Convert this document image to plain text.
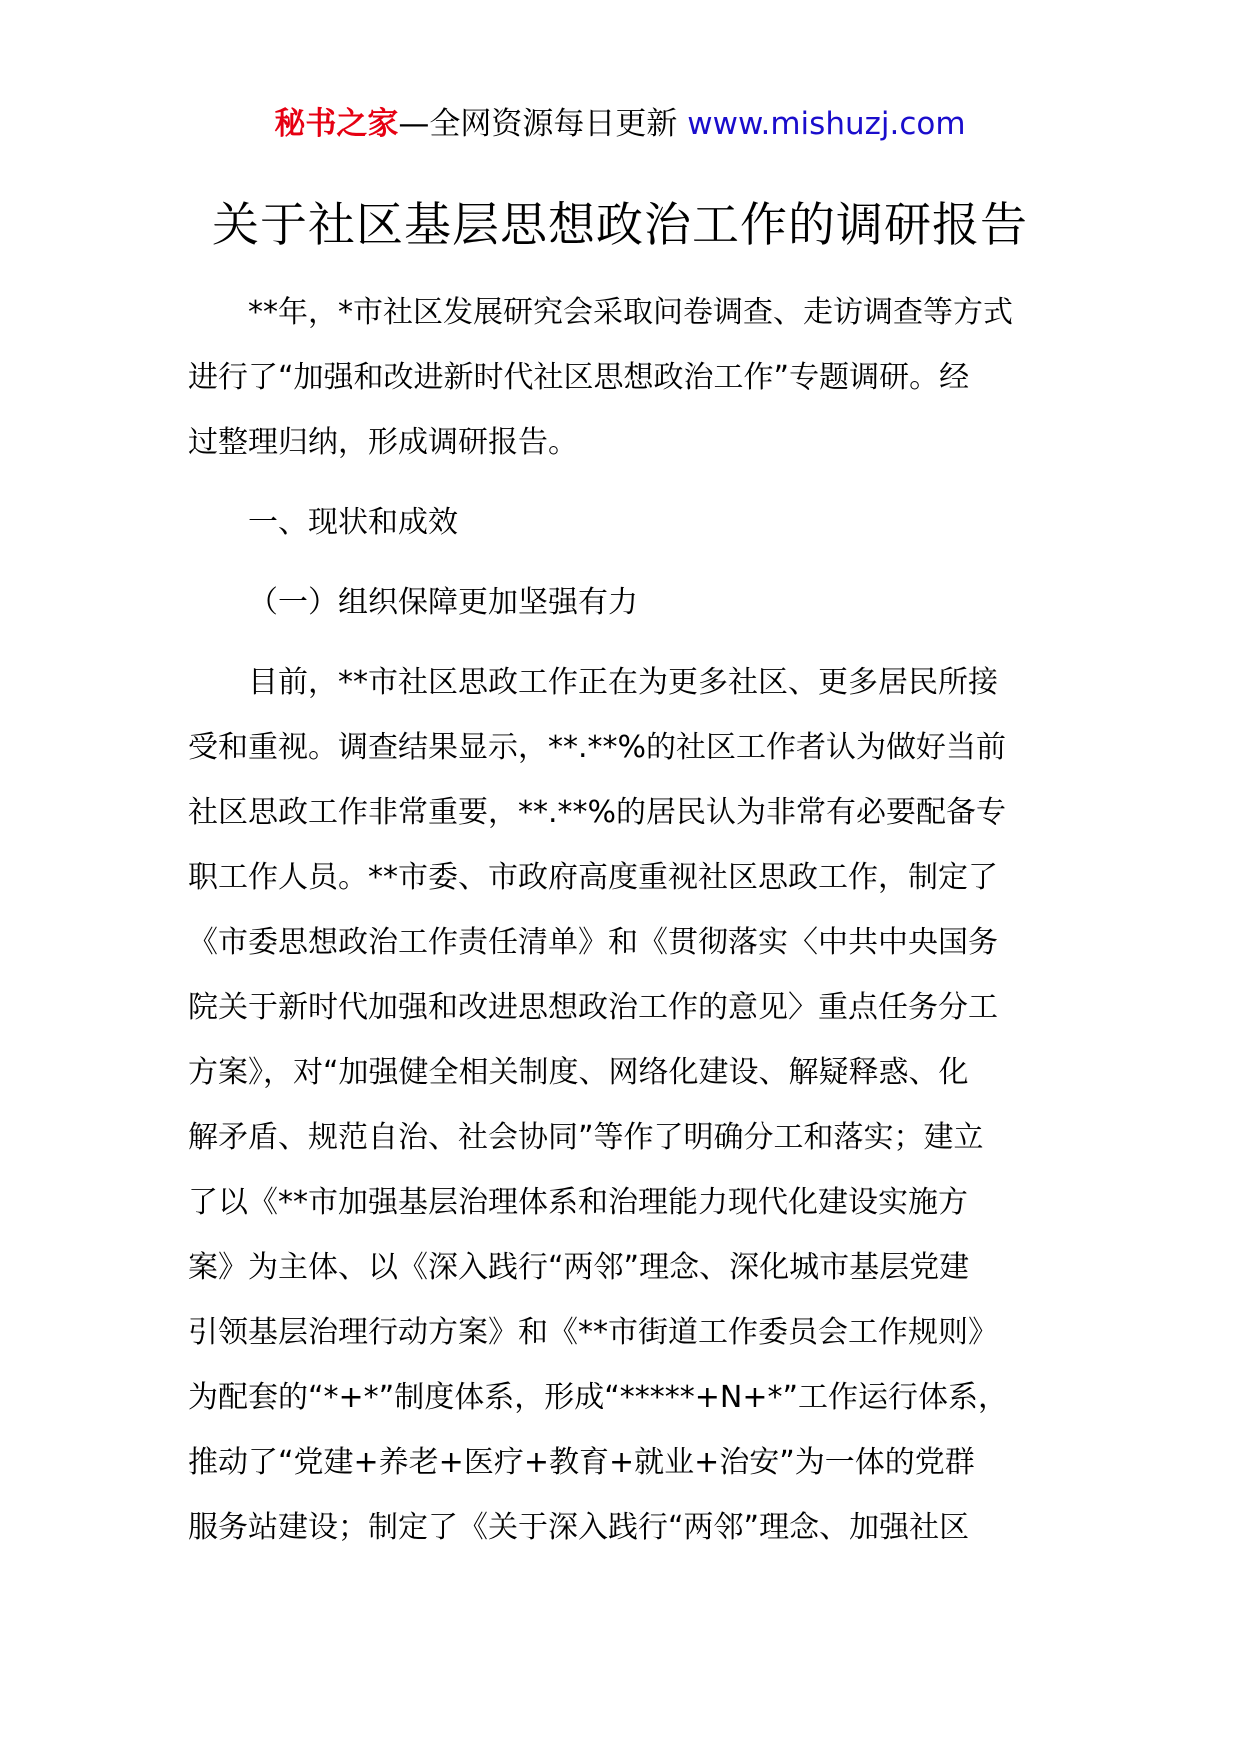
秘书之家—全网资源每日更新 www.mishuzj.com
关于社区基层思想政治工作的调研报告
**年，*市社区发展研究会采取问卷调查、走访调查等方式
进行了“加强和改进新时代社区思想政治工作”专题调研。经
过整理归纳，形成调研报告。
一、现状和成效
（一）组织保障更加坚强有力
目前，**市社区思政工作正在为更多社区、更多居民所接
受和重视。调查结果显示，**.**%的社区工作者认为做好当前
社区思政工作非常重要，**.**%的居民认为非常有必要配备专
职工作人员。**市委、市政府高度重视社区思政工作，制定了
《市委思想政治工作责任清单》和《贯彻落实〈中共中央国务
院关于新时代加强和改进思想政治工作的意见〉重点任务分工
方案》，对“加强健全相关制度、网络化建设、解疑释惑、化
解矛盾、规范自治、社会协同”等作了明确分工和落实；建立
了以《**市加强基层治理体系和治理能力现代化建设实施方
案》为主体、以《深入践行“两邻”理念、深化城市基层党建
引领基层治理行动方案》和《**市街道工作委员会工作规则》
为配套的“*+*”制度体系，形成“*****+N+*”工作运行体系，
推动了“党建+养老+医疗+教育+就业+治安”为一体的党群
服务站建设；制定了《关于深入践行“两邻”理念、加强社区
